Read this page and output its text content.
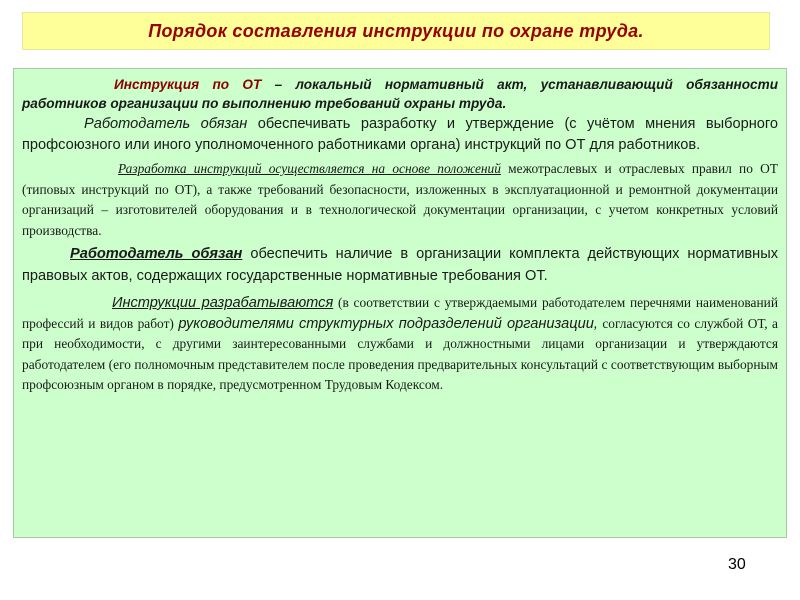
Порядок составления инструкции по охране труда.

Инструкция по ОТ – локальный нормативный акт, устанавливающий обязанности работников организации по выполнению требований охраны труда.

Работодатель обязан обеспечивать разработку и утверждение (с учётом мнения выборного профсоюзного или иного уполномоченного работниками органа) инструкций по ОТ для работников.

Разработка инструкций осуществляется на основе положений межотраслевых и отраслевых правил по ОТ (типовых инструкций по ОТ), а также требований безопасности, изложенных в эксплуатационной и ремонтной документации организаций – изготовителей оборудования и в технологической документации организации, с учетом конкретных условий производства.

Работодатель обязан обеспечить наличие в организации комплекта действующих нормативных правовых актов, содержащих государственные нормативные требования ОТ.

Инструкции разрабатываются (в соответствии с утверждаемыми работодателем перечнями наименований профессий и видов работ) руководителями структурных подразделений организации, согласуются со службой ОТ, а при необходимости, с другими заинтересованными службами и должностными лицами организации и утверждаются работодателем (его полномочным представителем после проведения предварительных консультаций с соответствующим выборным профсоюзным органом в порядке, предусмотренном Трудовым Кодексом.

30
